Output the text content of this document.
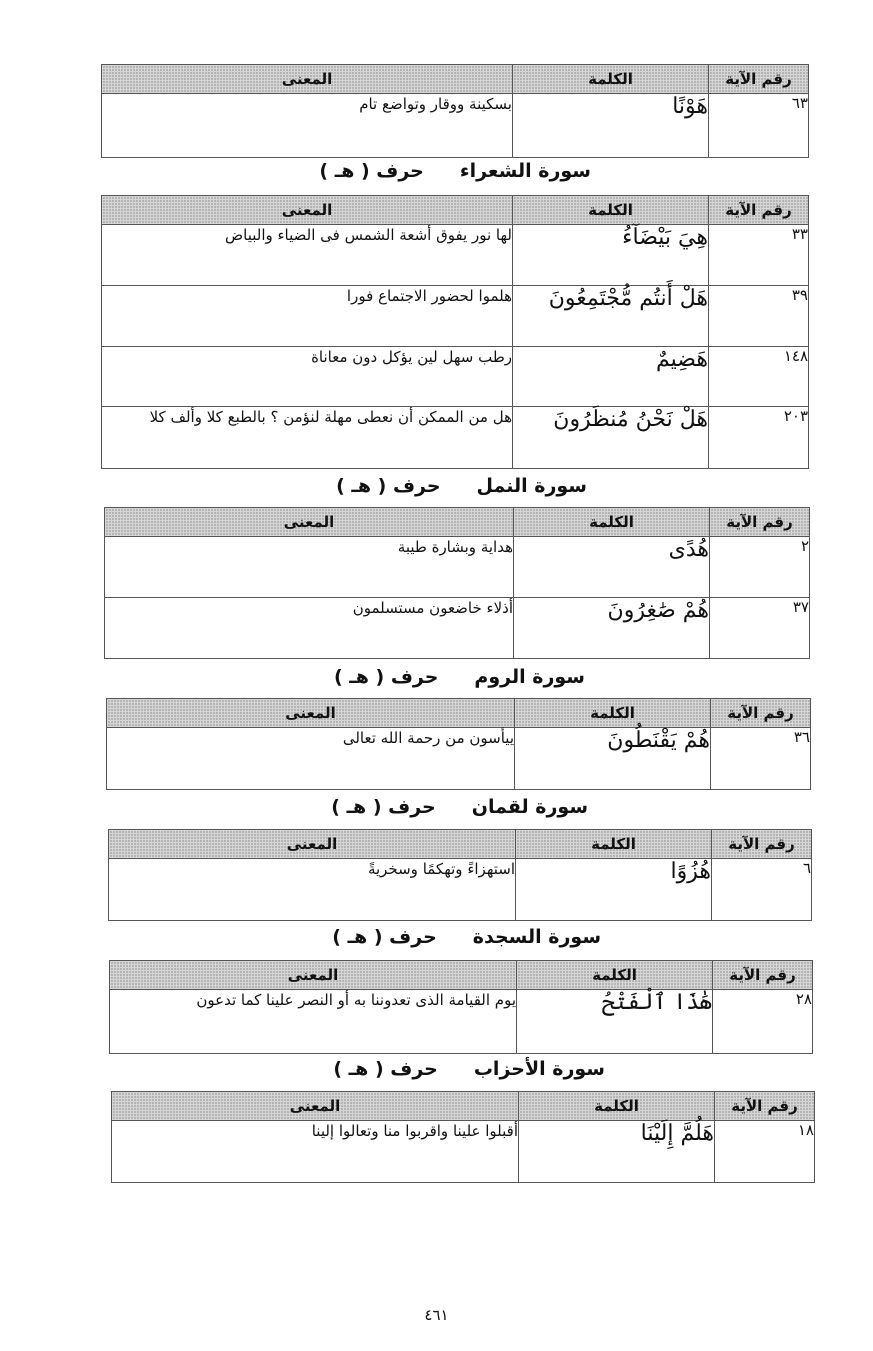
رقم الآية	الكلمة	المعنى
٦٣	هَوْنًا	بسكينة ووقار وتواضع تام
سورة الشعراءحرف ( هـ )
رقم الآية	الكلمة	المعنى
٣٣	هِيَ بَيْضَآءُ	لها نور يفوق أشعة الشمس فى الضياء والبياض
٣٩	هَلْ أَنتُم مُّجْتَمِعُونَ	هلموا لحضور الاجتماع فورا
١٤٨	هَضِيمٌ	رطب سهل لين يؤكل دون معاناة
٢٠٣	هَلْ نَحْنُ مُنظَرُونَ	هل من الممكن أن نعطى مهلة لنؤمن ؟ بالطبع كلا وألف كلا
سورة النملحرف ( هـ )
رقم الآية	الكلمة	المعنى
٢	هُدًى	هداية وبشارة طيبة
٣٧	هُمْ صَٰغِرُونَ	أذلاء خاضعون مستسلمون
سورة الرومحرف ( هـ )
رقم الآية	الكلمة	المعنى
٣٦	هُمْ يَقْنَطُونَ	ييأسون من رحمة الله تعالى
سورة لقمانحرف ( هـ )
رقم الآية	الكلمة	المعنى
٦	هُزُوًا	استهزاءً وتهكمًا وسخريةً
سورة السجدةحرف ( هـ )
رقم الآية	الكلمة	المعنى
٢٨	هَٰذَا ٱلْفَتْحُ	يوم القيامة الذى تعدوننا به أو النصر علينا كما تدعون
سورة الأحزابحرف ( هـ )
رقم الآية	الكلمة	المعنى
١٨	هَلُمَّ إِلَيْنَا	أقبلوا علينا واقربوا منا وتعالوا إلينا
٤٦١
